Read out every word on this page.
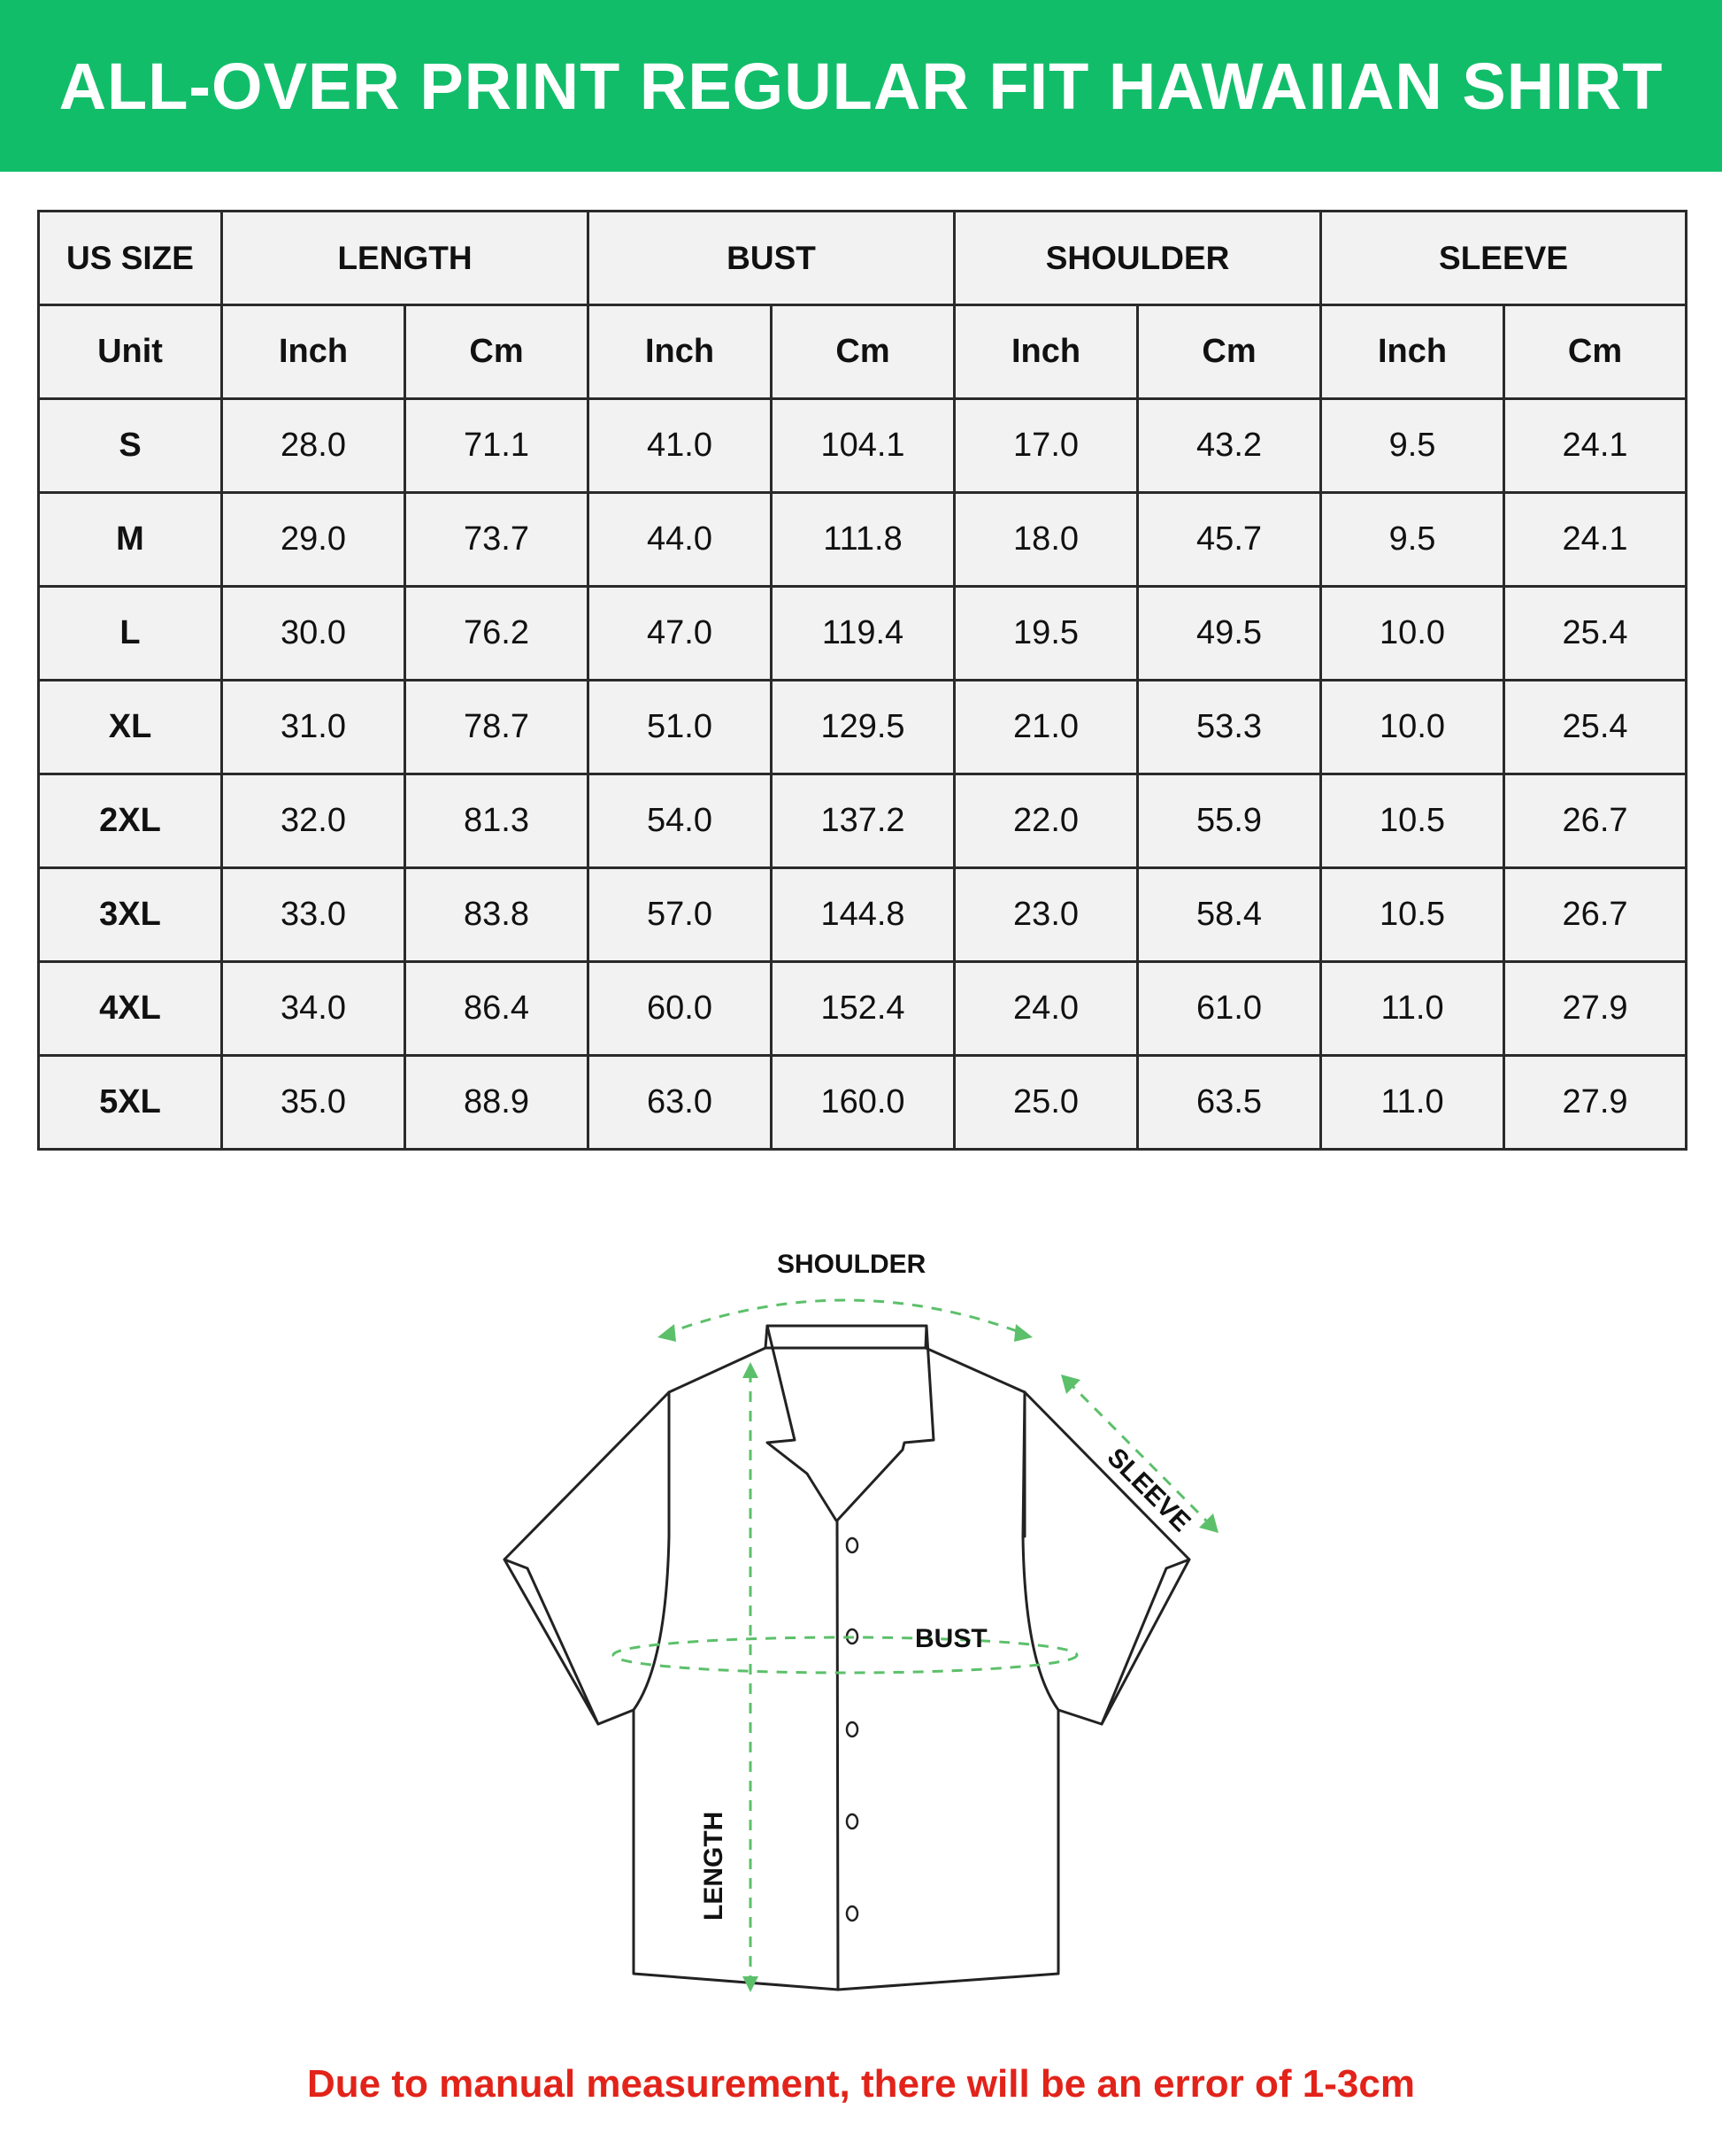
ALL-OVER PRINT REGULAR FIT HAWAIIAN SHIRT
US SIZE	LENGTH		BUST		SHOULDER		SLEEVE	
Unit	Inch	Cm	Inch	Cm	Inch	Cm	Inch	Cm
S	28.0	71.1	41.0	104.1	17.0	43.2	9.5	24.1
M	29.0	73.7	44.0	111.8	18.0	45.7	9.5	24.1
L	30.0	76.2	47.0	119.4	19.5	49.5	10.0	25.4
XL	31.0	78.7	51.0	129.5	21.0	53.3	10.0	25.4
2XL	32.0	81.3	54.0	137.2	22.0	55.9	10.5	26.7
3XL	33.0	83.8	57.0	144.8	23.0	58.4	10.5	26.7
4XL	34.0	86.4	60.0	152.4	24.0	61.0	11.0	27.9
5XL	35.0	88.9	63.0	160.0	25.0	63.5	11.0	27.9
SHOULDER
SLEEVE
BUST
LENGTH
Due to manual measurement, there will be an error of 1-3cm
